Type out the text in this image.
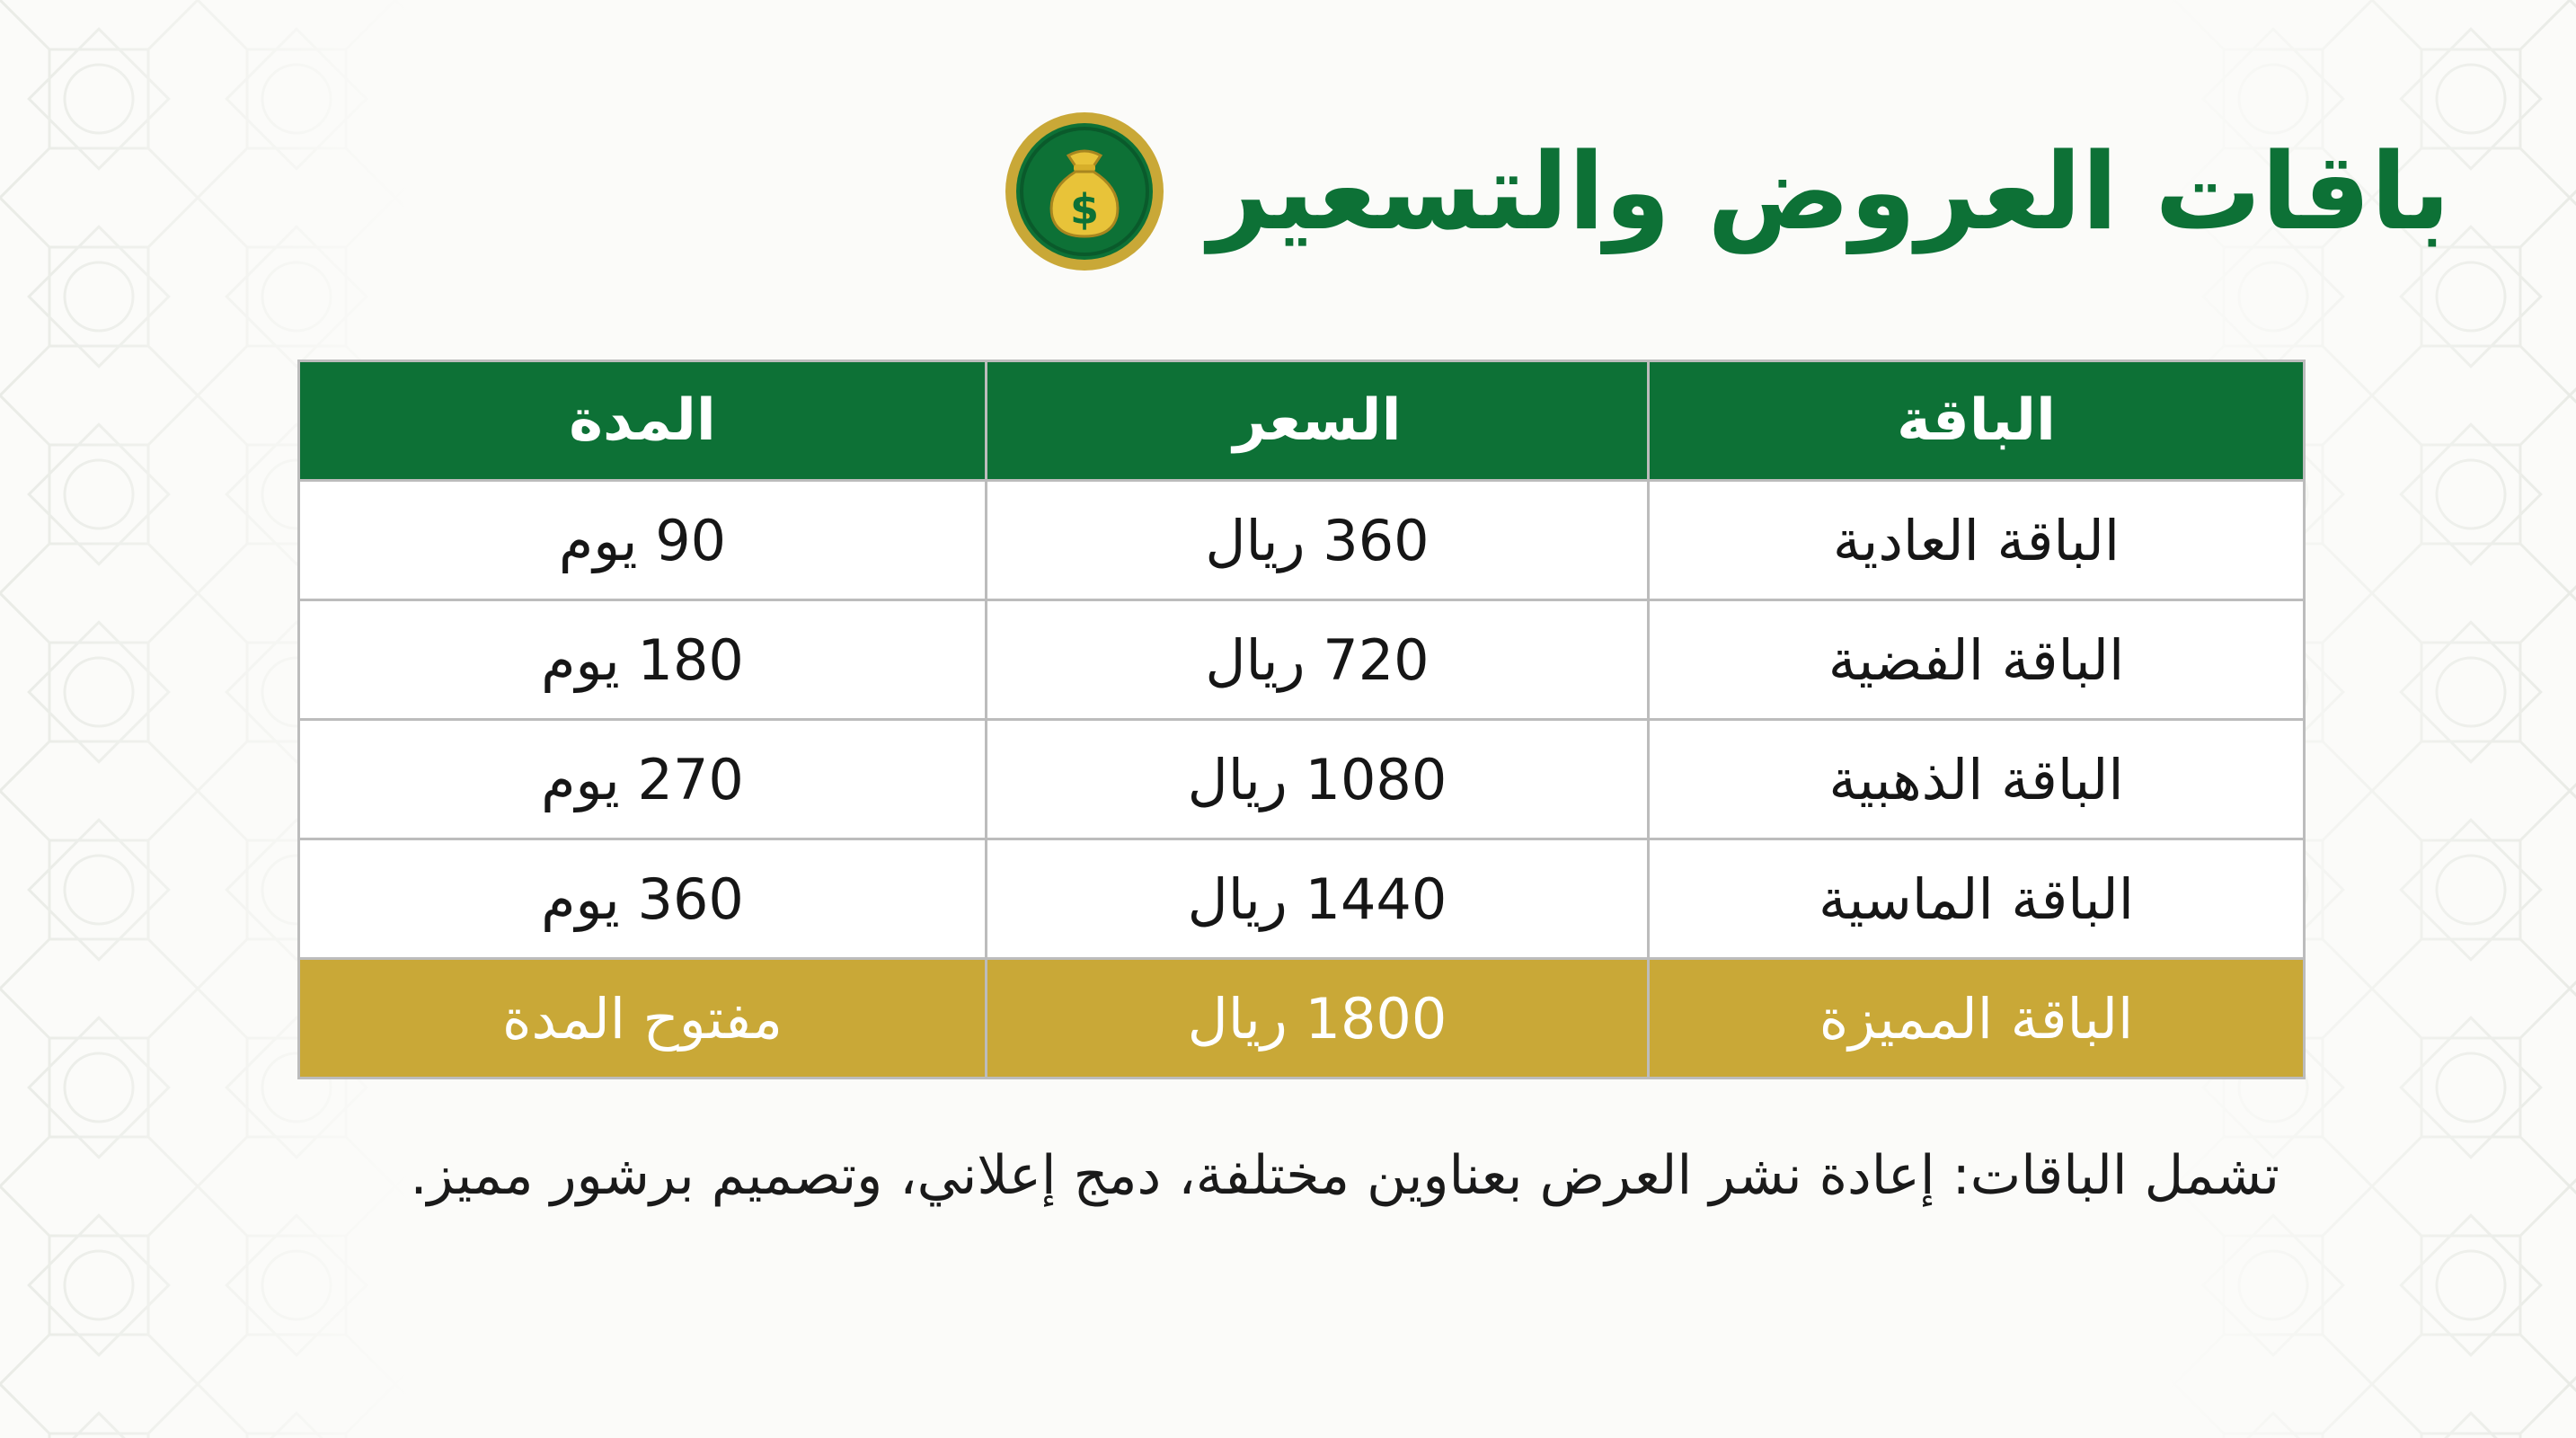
باقات العروض والتسعير
$
الباقة	السعر	المدة
الباقة العادية	360 ريال	90 يوم
الباقة الفضية	720 ريال	180 يوم
الباقة الذهبية	1080 ريال	270 يوم
الباقة الماسية	1440 ريال	360 يوم
الباقة المميزة	1800 ريال	مفتوح المدة

تشمل الباقات: إعادة نشر العرض بعناوين مختلفة، دمج إعلاني، وتصميم برشور مميز.
